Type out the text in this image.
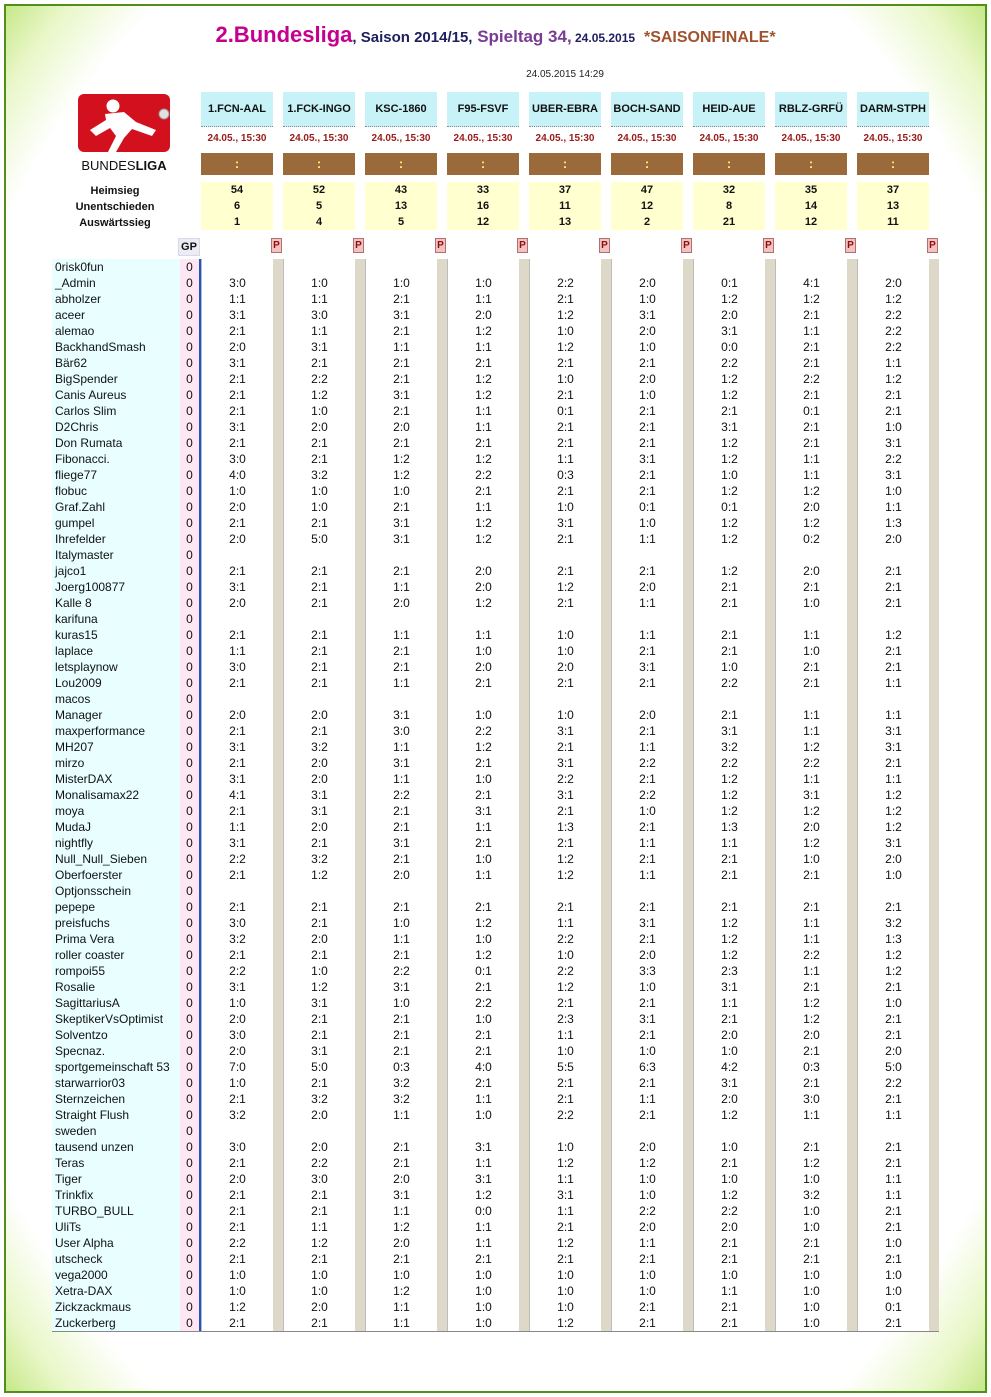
2.Bundesliga, Saison 2014/15, Spieltag 34, 24.05.2015  *SAISONFINALE*
24.05.2015 14:29
BUNDESLIGA
Heimsieg
Unentschieden
Auswärtssieg
GP
1.FCN-AAL
24.05., 15:30
:
54
6
1
P
1.FCK-INGO
24.05., 15:30
:
52
5
4
P
KSC-1860
24.05., 15:30
:
43
13
5
P
F95-FSVF
24.05., 15:30
:
33
16
12
P
UBER-EBRA
24.05., 15:30
:
37
11
13
P
BOCH-SAND
24.05., 15:30
:
47
12
2
P
HEID-AUE
24.05., 15:30
:
32
8
21
P
RBLZ-GRFÜ
24.05., 15:30
:
35
14
12
P
DARM-STPH
24.05., 15:30
:
37
13
11
P
0risk0fun
_Admin
abholzer
aceer
alemao
BackhandSmash
Bär62
BigSpender
Canis Aureus
Carlos Slim
D2Chris
Don Rumata
Fibonacci.
fliege77
flobuc
Graf.Zahl
gumpel
Ihrefelder
Italymaster
jajco1
Joerg100877
Kalle 8
karifuna
kuras15
laplace
letsplaynow
Lou2009
macos
Manager
maxperformance
MH207
mirzo
MisterDAX
Monalisamax22
moya
MudaJ
nightfly
Null_Null_Sieben
Oberfoerster
Optjonsschein
pepepe
preisfuchs
Prima Vera
roller coaster
rompoi55
Rosalie
SagittariusA
SkeptikerVsOptimist
Solventzo
Specnaz.
sportgemeinschaft 53
starwarrior03
Sternzeichen
Straight Flush
sweden
tausend unzen
Teras
Tiger
Trinkfix
TURBO_BULL
UliTs
User Alpha
utscheck
vega2000
Xetra-DAX
Zickzackmaus
Zuckerberg
0
0
0
0
0
0
0
0
0
0
0
0
0
0
0
0
0
0
0
0
0
0
0
0
0
0
0
0
0
0
0
0
0
0
0
0
0
0
0
0
0
0
0
0
0
0
0
0
0
0
0
0
0
0
0
0
0
0
0
0
0
0
0
0
0
0
0
3:0
1:1
3:1
2:1
2:0
3:1
2:1
2:1
2:1
3:1
2:1
3:0
4:0
1:0
2:0
2:1
2:0
2:1
3:1
2:0
2:1
1:1
3:0
2:1
2:0
2:1
3:1
2:1
3:1
4:1
2:1
1:1
3:1
2:2
2:1
2:1
3:0
3:2
2:1
2:2
3:1
1:0
2:0
3:0
2:0
7:0
1:0
2:1
3:2
3:0
2:1
2:0
2:1
2:1
2:1
2:2
2:1
1:0
1:0
1:2
2:1
1:0
1:1
3:0
1:1
3:1
2:1
2:2
1:2
1:0
2:0
2:1
2:1
3:2
1:0
1:0
2:1
5:0
2:1
2:1
2:1
2:1
2:1
2:1
2:1
2:0
2:1
3:2
2:0
2:0
3:1
3:1
2:0
2:1
3:2
1:2
2:1
2:1
2:0
2:1
1:0
1:2
3:1
2:1
2:1
3:1
5:0
2:1
3:2
2:0
2:0
2:2
3:0
2:1
2:1
1:1
1:2
2:1
1:0
1:0
2:0
2:1
1:0
2:1
3:1
2:1
1:1
2:1
2:1
3:1
2:1
2:0
2:1
1:2
1:2
1:0
2:1
3:1
3:1
2:1
1:1
2:0
1:1
2:1
2:1
1:1
3:1
3:0
1:1
3:1
1:1
2:2
2:1
2:1
3:1
2:1
2:0
2:1
1:0
1:1
2:1
2:2
3:1
1:0
2:1
2:1
2:1
0:3
3:2
3:2
1:1
2:1
2:1
2:0
3:1
1:1
1:2
2:0
2:1
1:0
1:2
1:1
1:1
1:0
1:1
2:0
1:2
1:1
2:1
1:2
1:2
1:1
1:1
2:1
1:2
2:2
2:1
1:1
1:2
1:2
2:0
2:0
1:2
1:1
1:0
2:0
2:1
1:0
2:2
1:2
2:1
1:0
2:1
3:1
1:1
2:1
1:0
1:1
2:1
1:2
1:0
1:2
0:1
2:1
2:2
1:0
2:1
2:1
4:0
2:1
1:1
1:0
3:1
1:1
3:1
1:2
0:0
1:1
1:1
2:1
1:0
1:0
1:0
1:0
2:2
2:1
1:2
1:0
1:2
2:1
1:0
2:1
0:1
2:1
2:1
1:1
0:3
2:1
1:0
3:1
2:1
2:1
1:2
2:1
1:0
1:0
2:0
2:1
1:0
3:1
2:1
3:1
2:2
3:1
2:1
1:3
2:1
1:2
1:2
2:1
1:1
2:2
1:0
2:2
1:2
2:1
2:3
1:1
1:0
5:5
2:1
2:1
2:2
1:0
1:2
1:1
3:1
1:1
2:1
1:2
2:1
1:0
1:0
1:0
1:2
2:0
1:0
3:1
2:0
1:0
2:1
2:0
1:0
2:1
2:1
2:1
3:1
2:1
2:1
0:1
1:0
1:1
2:1
2:0
1:1
1:1
2:1
3:1
2:1
2:0
2:1
1:1
2:2
2:1
2:2
1:0
2:1
1:1
2:1
1:1
2:1
3:1
2:1
2:0
3:3
1:0
2:1
3:1
2:1
1:0
6:3
2:1
1:1
2:1
2:0
1:2
1:0
1:0
2:2
2:0
1:1
2:1
1:0
1:0
2:1
2:1
0:1
1:2
2:0
3:1
0:0
2:2
1:2
1:2
2:1
3:1
1:2
1:2
1:0
1:2
0:1
1:2
1:2
1:2
2:1
2:1
2:1
2:1
1:0
2:2
2:1
3:1
3:2
2:2
1:2
1:2
1:2
1:3
1:1
2:1
2:1
2:1
1:2
1:2
1:2
2:3
3:1
1:1
2:1
2:0
1:0
4:2
3:1
2:0
1:2
1:0
2:1
1:0
1:2
2:2
2:0
2:1
2:1
1:0
1:1
2:1
2:1
4:1
1:2
2:1
1:1
2:1
2:1
2:2
2:1
0:1
2:1
2:1
1:1
1:1
1:2
2:0
1:2
0:2
2:0
2:1
1:0
1:1
1:0
2:1
2:1
1:1
1:1
1:2
2:2
1:1
3:1
1:2
2:0
1:2
1:0
2:1
2:1
1:1
1:1
2:2
1:1
2:1
1:2
1:2
2:0
2:1
0:3
2:1
3:0
1:1
2:1
1:2
1:0
3:2
1:0
1:0
2:1
2:1
1:0
1:0
1:0
1:0
2:0
1:2
2:2
2:2
2:2
1:1
1:2
2:1
2:1
1:0
3:1
2:2
3:1
1:0
1:1
1:3
2:0
2:1
2:1
2:1
1:2
2:1
2:1
1:1
1:1
3:1
3:1
2:1
1:1
1:2
1:2
1:2
3:1
2:0
1:0
2:1
3:2
1:3
1:2
1:2
2:1
1:0
2:1
2:1
2:0
5:0
2:2
2:1
1:1
2:1
2:1
1:1
1:1
2:1
2:1
1:0
2:1
1:0
1:0
0:1
2:1
